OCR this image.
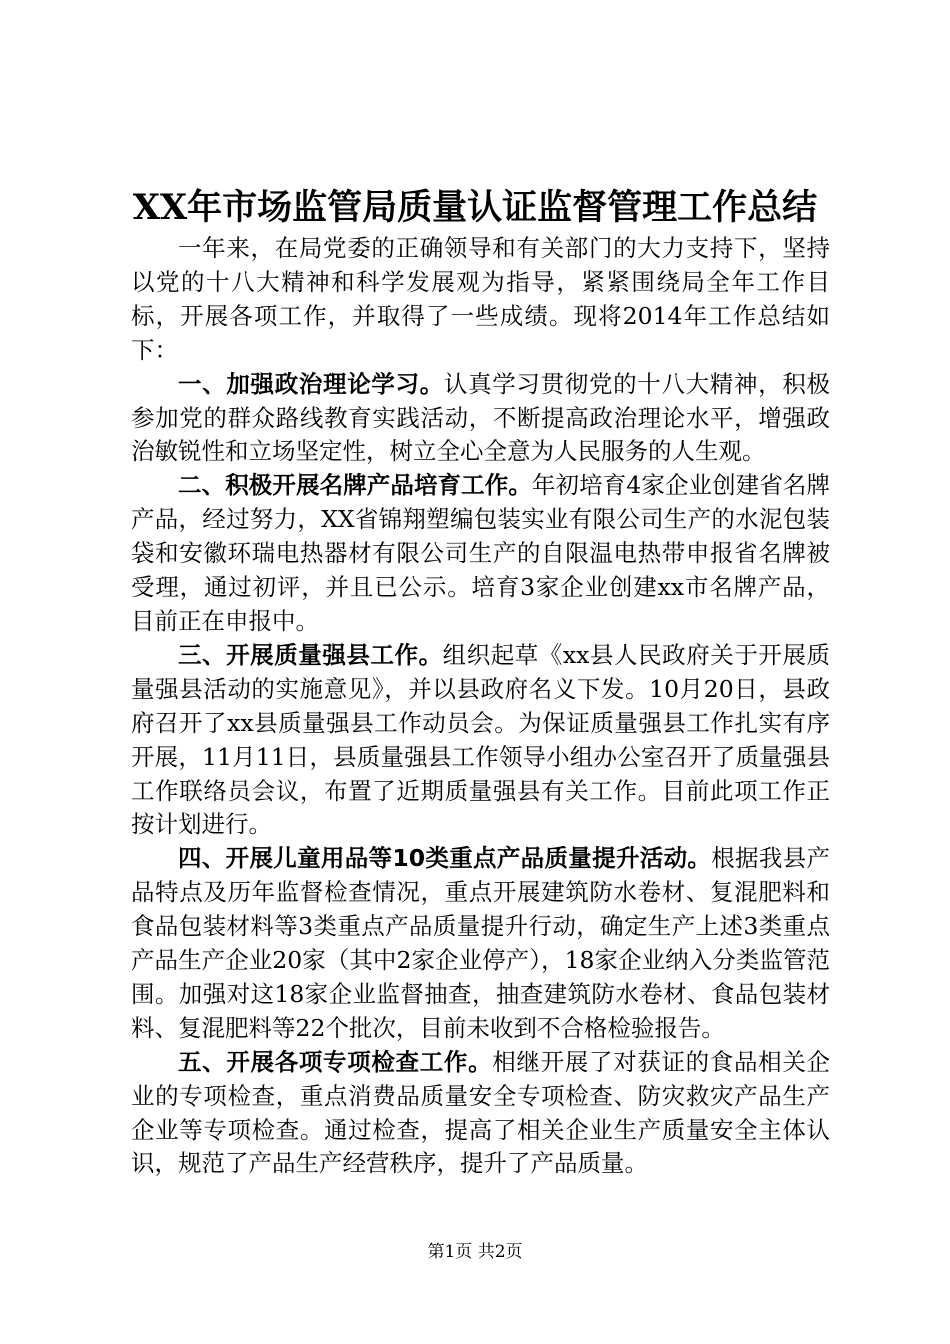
XX年市场监管局质量认证监督管理工作总结

一年来，在局党委的正确领导和有关部门的大力支持下，坚持以党的十八大精神和科学发展观为指导，紧紧围绕局全年工作目标，开展各项工作，并取得了一些成绩。现将2014年工作总结如下：

一、加强政治理论学习。认真学习贯彻党的十八大精神，积极参加党的群众路线教育实践活动，不断提高政治理论水平，增强政治敏锐性和立场坚定性，树立全心全意为人民服务的人生观。

二、积极开展名牌产品培育工作。年初培育4家企业创建省名牌产品，经过努力，XX省锦翔塑编包装实业有限公司生产的水泥包装袋和安徽环瑞电热器材有限公司生产的自限温电热带申报省名牌被受理，通过初评，并且已公示。培育3家企业创建xx市名牌产品，目前正在申报中。

三、开展质量强县工作。组织起草《xx县人民政府关于开展质量强县活动的实施意见》，并以县政府名义下发。10月20日，县政府召开了xx县质量强县工作动员会。为保证质量强县工作扎实有序开展，11月11日，县质量强县工作领导小组办公室召开了质量强县工作联络员会议，布置了近期质量强县有关工作。目前此项工作正按计划进行。

四、开展儿童用品等10类重点产品质量提升活动。根据我县产品特点及历年监督检查情况，重点开展建筑防水卷材、复混肥料和食品包装材料等3类重点产品质量提升行动，确定生产上述3类重点产品生产企业20家（其中2家企业停产），18家企业纳入分类监管范围。加强对这18家企业监督抽查，抽查建筑防水卷材、食品包装材料、复混肥料等22个批次，目前未收到不合格检验报告。

五、开展各项专项检查工作。相继开展了对获证的食品相关企业的专项检查，重点消费品质量安全专项检查、防灾救灾产品生产企业等专项检查。通过检查，提高了相关企业生产质量安全主体认识，规范了产品生产经营秩序，提升了产品质量。

第1页 共2页
